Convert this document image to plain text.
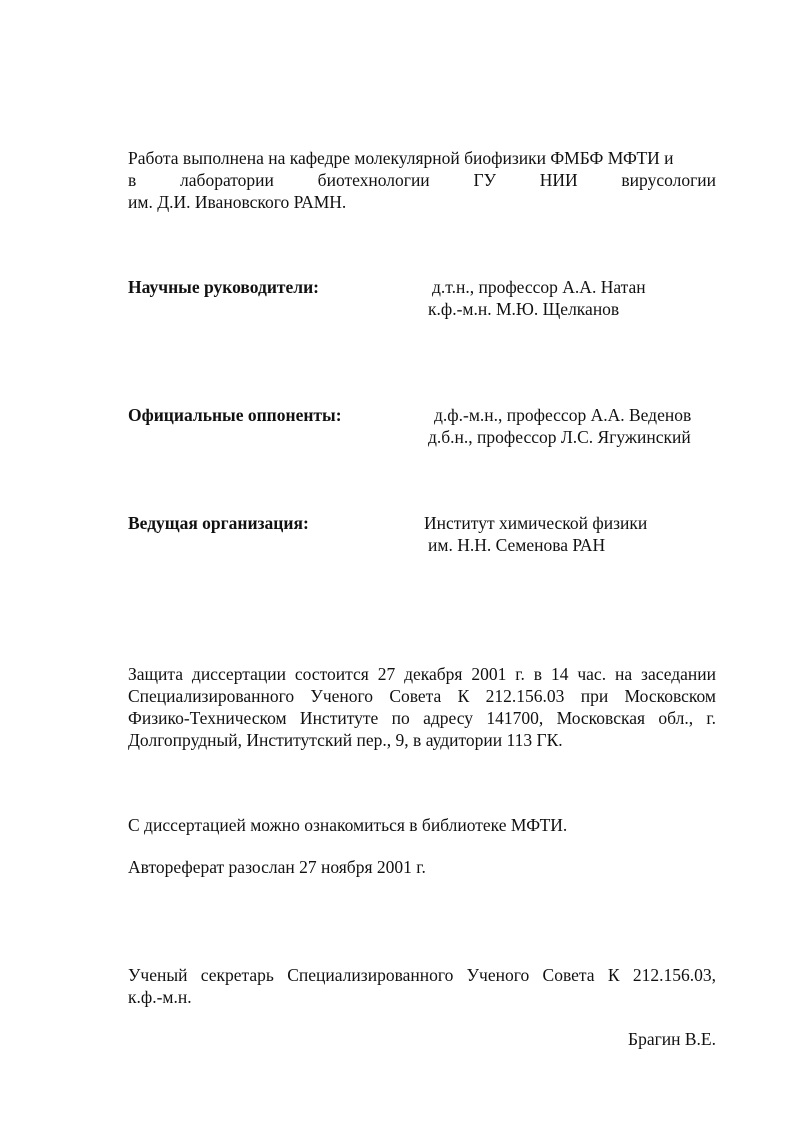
Работа выполнена на кафедре молекулярной биофизики ФМБФ МФТИ и
в лаборатории биотехнологии ГУ НИИ вирусологии
им. Д.И. Ивановского РАМН.
Научные руководители:	д.т.н., профессор А.А. Натан
к.ф.-м.н. М.Ю. Щелканов
Официальные оппоненты:	д.ф.-м.н., профессор А.А. Веденов
д.б.н., профессор Л.С. Ягужинский
Ведущая организация:	Институт химической физики
им. Н.Н. Семенова РАН
Защита диссертации состоится 27 декабря 2001 г. в 14 час. на заседании
Специализированного Ученого Совета К 212.156.03 при Московском
Физико-Техническом Институте по адресу 141700, Московская обл., г.
Долгопрудный, Институтский пер., 9, в аудитории 113 ГК.
С диссертацией можно ознакомиться в библиотеке МФТИ.
Автореферат разослан 27 ноября 2001 г.
Ученый секретарь Специализированного Ученого Совета К 212.156.03,
к.ф.-м.н.
Брагин В.Е.
